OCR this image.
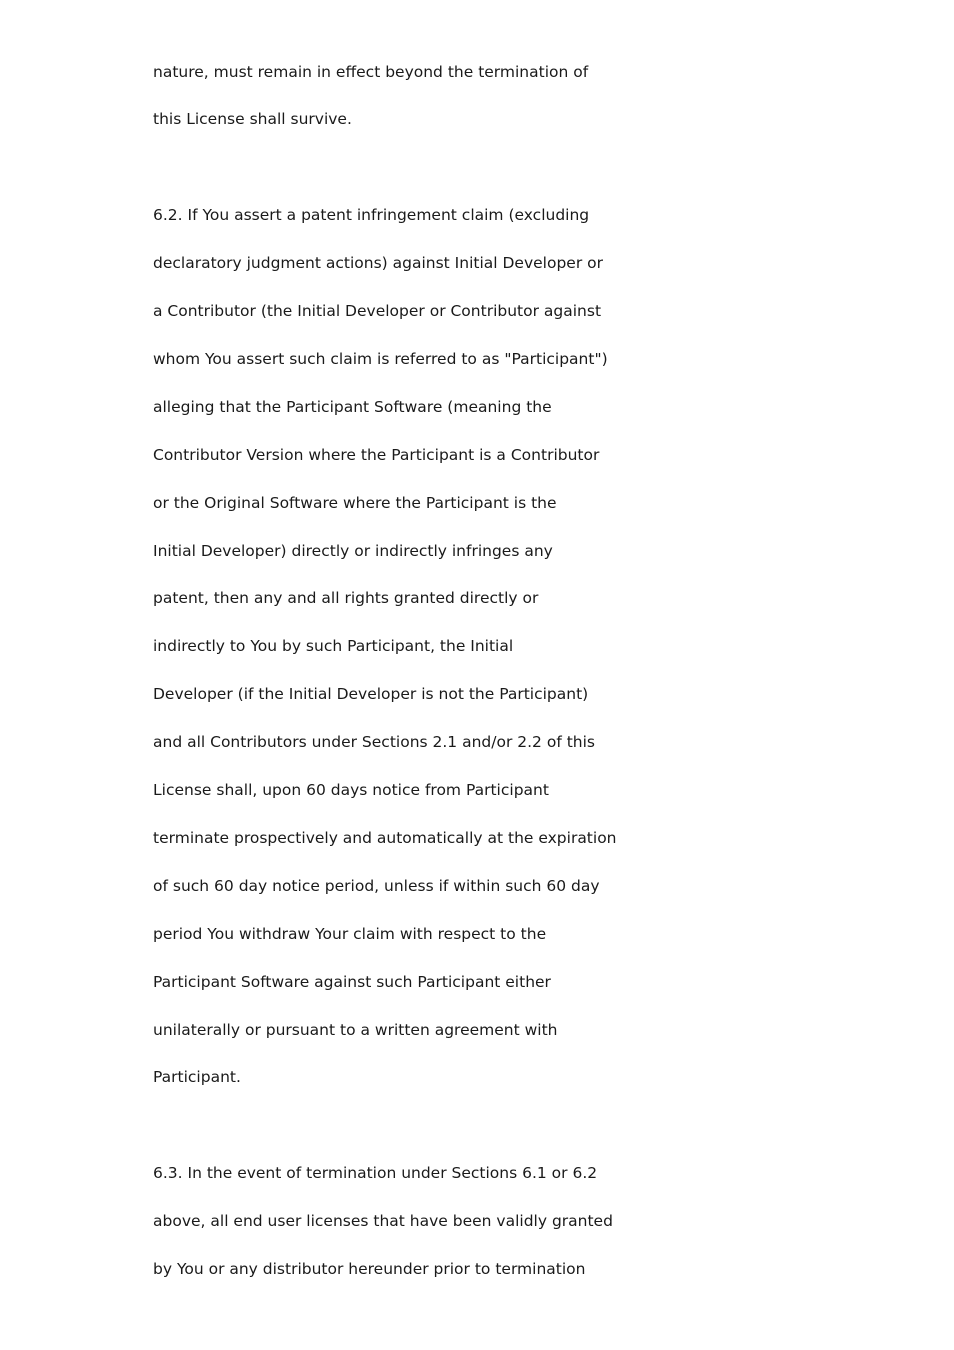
nature, must remain in effect beyond the termination of
this License shall survive.
6.2. If You assert a patent infringement claim (excluding
declaratory judgment actions) against Initial Developer or
a Contributor (the Initial Developer or Contributor against
whom You assert such claim is referred to as "Participant")
alleging that the Participant Software (meaning the
Contributor Version where the Participant is a Contributor
or the Original Software where the Participant is the
Initial Developer) directly or indirectly infringes any
patent, then any and all rights granted directly or
indirectly to You by such Participant, the Initial
Developer (if the Initial Developer is not the Participant)
and all Contributors under Sections 2.1 and/or 2.2 of this
License shall, upon 60 days notice from Participant
terminate prospectively and automatically at the expiration
of such 60 day notice period, unless if within such 60 day
period You withdraw Your claim with respect to the
Participant Software against such Participant either
unilaterally or pursuant to a written agreement with
Participant.
6.3. In the event of termination under Sections 6.1 or 6.2
above, all end user licenses that have been validly granted
by You or any distributor hereunder prior to termination
